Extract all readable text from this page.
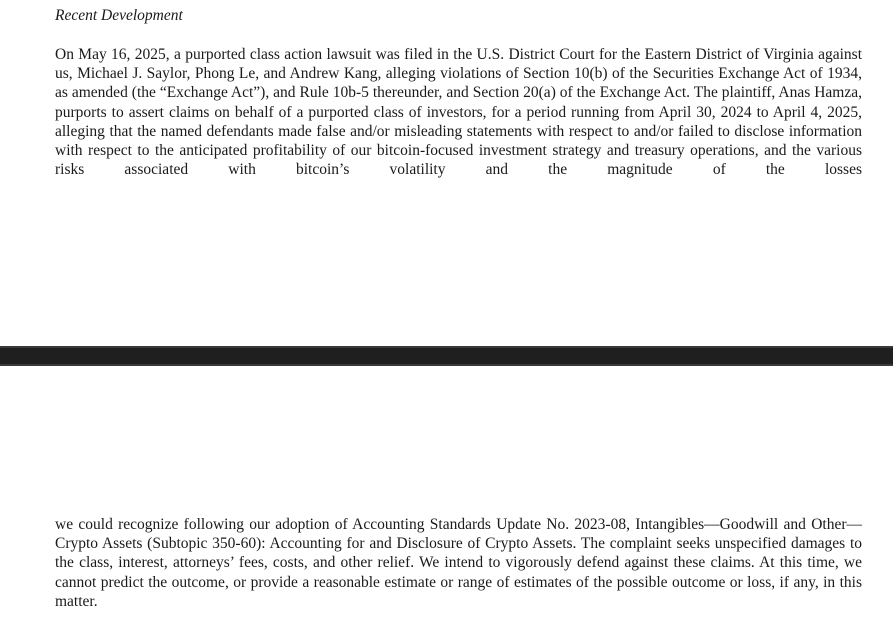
Recent Development

On May 16, 2025, a purported class action lawsuit was filed in the U.S. District Court for the Eastern District of Virginia against us, Michael J. Saylor, Phong Le, and Andrew Kang, alleging violations of Section 10(b) of the Securities Exchange Act of 1934, as amended (the “Exchange Act”), and Rule 10b-5 thereunder, and Section 20(a) of the Exchange Act. The plaintiff, Anas Hamza, purports to assert claims on behalf of a purported class of investors, for a period running from April 30, 2024 to April 4, 2025, alleging that the named defendants made false and/or misleading statements with respect to and/or failed to disclose information with respect to the anticipated profitability of our bitcoin-focused investment strategy and treasury operations, and the various risks associated with bitcoin’s volatility and the magnitude of the losses

we could recognize following our adoption of Accounting Standards Update No. 2023-08, Intangibles—Goodwill and Other—Crypto Assets (Subtopic 350-60): Accounting for and Disclosure of Crypto Assets. The complaint seeks unspecified damages to the class, interest, attorneys’ fees, costs, and other relief. We intend to vigorously defend against these claims. At this time, we cannot predict the outcome, or provide a reasonable estimate or range of estimates of the possible outcome or loss, if any, in this matter.
